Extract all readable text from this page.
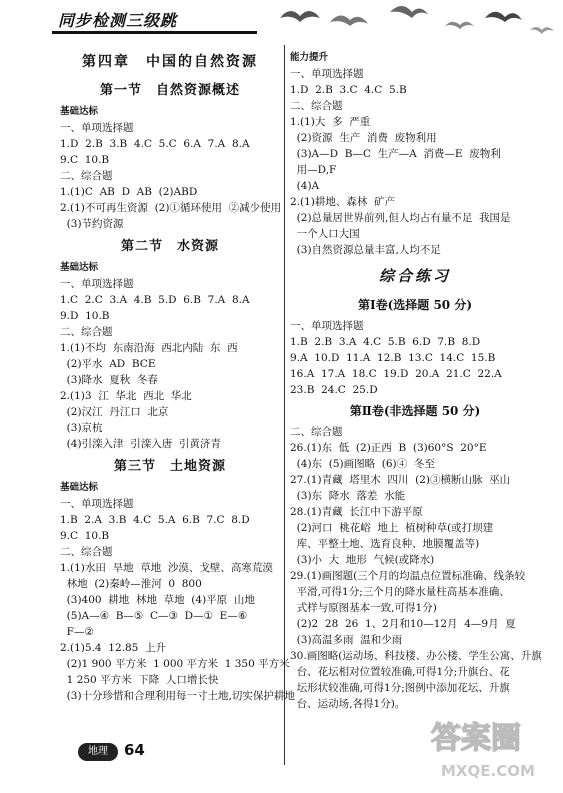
同步检测三级跳
第四章　中国的自然资源
第一节　自然资源概述
基础达标
一、单项选择题
1.D  2.B  3.B  4.C  5.C  6.A  7.A  8.A
9.C  10.B
二、综合题
1.(1)C  AB  D  AB  (2)ABD
2.(1)不可再生资源  (2)①循环使用  ②减少使用
(3)节约资源
第二节　水资源
基础达标
一、单项选择题
1.C  2.C  3.A  4.B  5.D  6.B  7.A  8.A
9.D  10.B
二、综合题
1.(1)不均  东南沿海  西北内陆  东  西
(2)平水  AD  BCE
(3)降水  夏秋  冬春
2.(1)3  江  华北  西北  华北
(2)汉江  丹江口  北京
(3)京杭
(4)引滦入津  引滦入唐  引黄济青
第三节　土地资源
基础达标
一、单项选择题
1.B  2.A  3.B  4.C  5.A  6.B  7.C  8.D
9.C  10.B
二、综合题
1.(1)水田  旱地  草地  沙漠、戈壁、高寒荒漠
林地  (2)秦岭—淮河  0  800
(3)400  耕地  林地  草地  (4)平原  山地
(5)A—④  B—⑤  C—③  D—①  E—⑥
F—②
2.(1)5.4  12.85  上升
(2)1 900 平方米  1 000 平方米  1 350 平方米
1 250 平方米  下降  人口增长快
(3)十分珍惜和合理利用每一寸土地,切实保护耕地
能力提升
一、单项选择题
1.D  2.B  3.C  4.C  5.B
二、综合题
1.(1)大  多  严重
(2)资源  生产  消费  废物利用
(3)A—D  B—C  生产—A  消费—E  废物利
用—D,F
(4)A
2.(1)耕地、森林  矿产
(2)总量居世界前列,但人均占有量不足  我国是
一个人口大国
(3)自然资源总量丰富,人均不足
综合练习
第Ⅰ卷(选择题 50 分)
一、单项选择题
1.B  2.B  3.A  4.C  5.B  6.D  7.B  8.D
9.A  10.D  11.A  12.B  13.C  14.C  15.B
16.A  17.A  18.C  19.D  20.A  21.C  22.A
23.B  24.C  25.D
第Ⅱ卷(非选择题 50 分)
二、综合题
26.(1)东  低  (2)正西  B  (3)60°S  20°E
(4)东  (5)画图略  (6)④  冬至
27.(1)青藏  塔里木  四川  (2)③横断山脉  巫山
(3)东  降水  落差  水能
28.(1)青藏  长江中下游平原
(2)河口  桃花峪  地上  植树种草(或打坝建
库、平整土地、选育良种、地膜覆盖等)
(3)小  大  地形  气候(或降水)
29.(1)画图题(三个月的均温点位置标准确、线条较
平滑,可得1分;三个月的降水量柱高基本准确、
式样与原图基本一致,可得1分)
(2)2  28  26  1、2月和10—12月  4—9月  夏
(3)高温多雨  温和少雨
30.画图略(运动场、科技楼、办公楼、学生公寓、升旗
台、花坛相对位置较准确,可得1分;升旗台、花
坛形状较准确,可得1分;图例中添加花坛、升旗
台、运动场,各得1分)。
地理	64	答案圈
MXQE.COM
